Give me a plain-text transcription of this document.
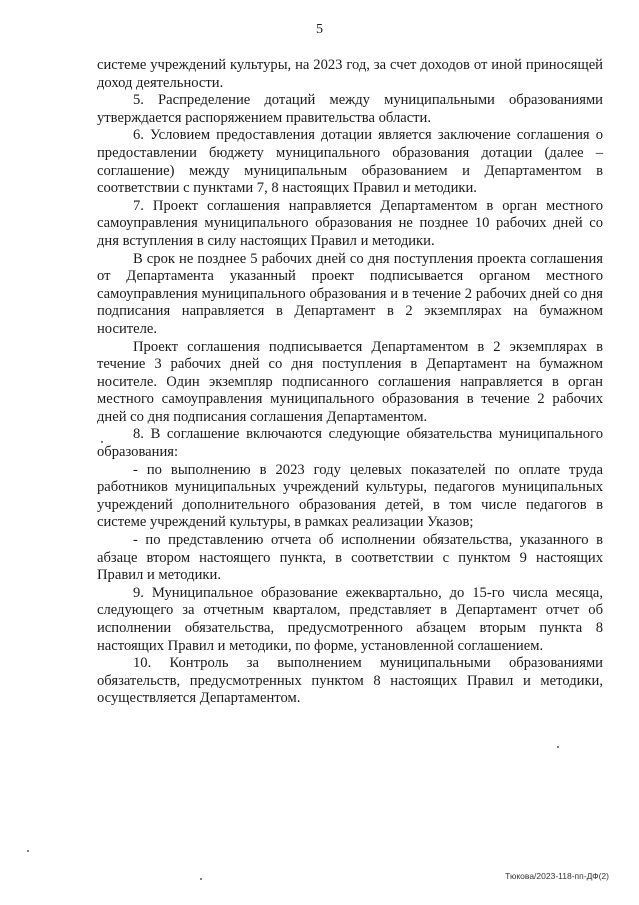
5

системе учреждений культуры, на 2023 год, за счет доходов от иной приносящей доход деятельности.

5. Распределение дотаций между муниципальными образованиями утверждается распоряжением правительства области.

6. Условием предоставления дотации является заключение соглашения о предоставлении бюджету муниципального образования дотации (далее – соглашение) между муниципальным образованием и Департаментом в соответствии с пунктами 7, 8 настоящих Правил и методики.

7. Проект соглашения направляется Департаментом в орган местного самоуправления муниципального образования не позднее 10 рабочих дней со дня вступления в силу настоящих Правил и методики.

В срок не позднее 5 рабочих дней со дня поступления проекта соглашения от Департамента указанный проект подписывается органом местного самоуправления муниципального образования и в течение 2 рабочих дней со дня подписания направляется в Департамент в 2 экземплярах на бумажном носителе.

Проект соглашения подписывается Департаментом в 2 экземплярах в течение 3 рабочих дней со дня поступления в Департамент на бумажном носителе. Один экземпляр подписанного соглашения направляется в орган местного самоуправления муниципального образования в течение 2 рабочих дней со дня подписания соглашения Департаментом.

8. В соглашение включаются следующие обязательства муниципального образования:

- по выполнению в 2023 году целевых показателей по оплате труда работников муниципальных учреждений культуры, педагогов муниципальных учреждений дополнительного образования детей, в том числе педагогов в системе учреждений культуры, в рамках реализации Указов;

- по представлению отчета об исполнении обязательства, указанного в абзаце втором настоящего пункта, в соответствии с пунктом 9 настоящих Правил и методики.

9. Муниципальное образование ежеквартально, до 15-го числа месяца, следующего за отчетным кварталом, представляет в Департамент отчет об исполнении обязательства, предусмотренного абзацем вторым пункта 8 настоящих Правил и методики, по форме, установленной соглашением.

10. Контроль за выполнением муниципальными образованиями обязательств, предусмотренных пунктом 8 настоящих Правил и методики, осуществляется Департаментом.

Тюкова/2023-118-пп-ДФ(2)
